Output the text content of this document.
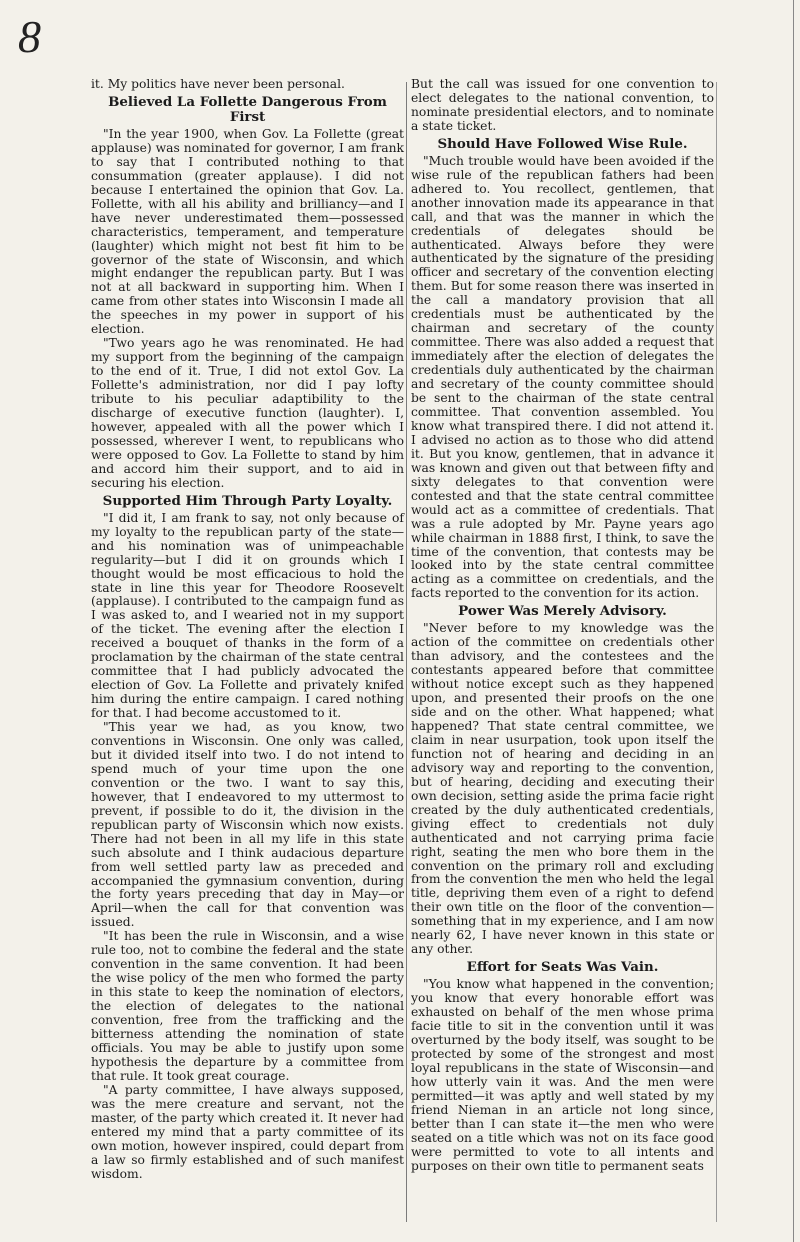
8

it. My politics have never been personal.

Believed La Follette Dangerous From First

"In the year 1900, when Gov. La Follette (great applause) was nominated for governor, I am frank to say that I contributed nothing to that consummation (greater applause). I did not because I entertained the opinion that Gov. La. Follette, with all his ability and brilliancy—and I have never underestimated them—possessed characteristics, temperament, and temperature (laughter) which might not best fit him to be governor of the state of Wisconsin, and which might endanger the republican party. But I was not at all backward in supporting him. When I came from other states into Wisconsin I made all the speeches in my power in support of his election.

"Two years ago he was renominated. He had my support from the beginning of the campaign to the end of it. True, I did not extol Gov. La Follette's administration, nor did I pay lofty tribute to his peculiar adaptibility to the discharge of executive function (laughter). I, however, appealed with all the power which I possessed, wherever I went, to republicans who were opposed to Gov. La Follette to stand by him and accord him their support, and to aid in securing his election.

Supported Him Through Party Loyalty.

"I did it, I am frank to say, not only because of my loyalty to the republican party of the state—and his nomination was of unimpeachable regularity—but I did it on grounds which I thought would be most efficacious to hold the state in line this year for Theodore Roosevelt (applause). I contributed to the campaign fund as I was asked to, and I wearied not in my support of the ticket. The evening after the election I received a bouquet of thanks in the form of a proclamation by the chairman of the state central committee that I had publicly advocated the election of Gov. La Follette and privately knifed him during the entire campaign. I cared nothing for that. I had become accustomed to it.

"This year we had, as you know, two conventions in Wisconsin. One only was called, but it divided itself into two. I do not intend to spend much of your time upon the one convention or the two. I want to say this, however, that I endeavored to my uttermost to prevent, if possible to do it, the division in the republican party of Wisconsin which now exists. There had not been in all my life in this state such absolute and I think audacious departure from well settled party law as preceded and accompanied the gymnasium convention, during the forty years preceding that day in May—or April—when the call for that convention was issued.

"It has been the rule in Wisconsin, and a wise rule too, not to combine the federal and the state convention in the same convention. It had been the wise policy of the men who formed the party in this state to keep the nomination of electors, the election of delegates to the national convention, free from the trafficking and the bitterness attending the nomination of state officials. You may be able to justify upon some hypothesis the departure by a committee from that rule. It took great courage.

"A party committee, I have always supposed, was the mere creature and servant, not the master, of the party which created it. It never had entered my mind that a party committee of its own motion, however inspired, could depart from a law so firmly established and of such manifest wisdom.

But the call was issued for one convention to elect delegates to the national convention, to nominate presidential electors, and to nominate a state ticket.

Should Have Followed Wise Rule.

"Much trouble would have been avoided if the wise rule of the republican fathers had been adhered to. You recollect, gentlemen, that another innovation made its appearance in that call, and that was the manner in which the credentials of delegates should be authenticated. Always before they were authenticated by the signature of the presiding officer and secretary of the convention electing them. But for some reason there was inserted in the call a mandatory provision that all credentials must be authenticated by the chairman and secretary of the county committee. There was also added a request that immediately after the election of delegates the credentials duly authenticated by the chairman and secretary of the county committee should be sent to the chairman of the state central committee. That convention assembled. You know what transpired there. I did not attend it. I advised no action as to those who did attend it. But you know, gentlemen, that in advance it was known and given out that between fifty and sixty delegates to that convention were contested and that the state central committee would act as a committee of credentials. That was a rule adopted by Mr. Payne years ago while chairman in 1888 first, I think, to save the time of the convention, that contests may be looked into by the state central committee acting as a committee on credentials, and the facts reported to the convention for its action.

Power Was Merely Advisory.

"Never before to my knowledge was the action of the committee on credentials other than advisory, and the contestees and the contestants appeared before that committee without notice except such as they happened upon, and presented their proofs on the one side and on the other. What happened; what happened? That state central committee, we claim in near usurpation, took upon itself the function not of hearing and deciding in an advisory way and reporting to the convention, but of hearing, deciding and executing their own decision, setting aside the prima facie right created by the duly authenticated credentials, giving effect to credentials not duly authenticated and not carrying prima facie right, seating the men who bore them in the convention on the primary roll and excluding from the convention the men who held the legal title, depriving them even of a right to defend their own title on the floor of the convention—something that in my experience, and I am now nearly 62, I have never known in this state or any other.

Effort for Seats Was Vain.

"You know what happened in the convention; you know that every honorable effort was exhausted on behalf of the men whose prima facie title to sit in the convention until it was overturned by the body itself, was sought to be protected by some of the strongest and most loyal republicans in the state of Wisconsin—and how utterly vain it was. And the men were permitted—it was aptly and well stated by my friend Nieman in an article not long since, better than I can state it—the men who were seated on a title which was not on its face good were permitted to vote to all intents and purposes on their own title to permanent seats
